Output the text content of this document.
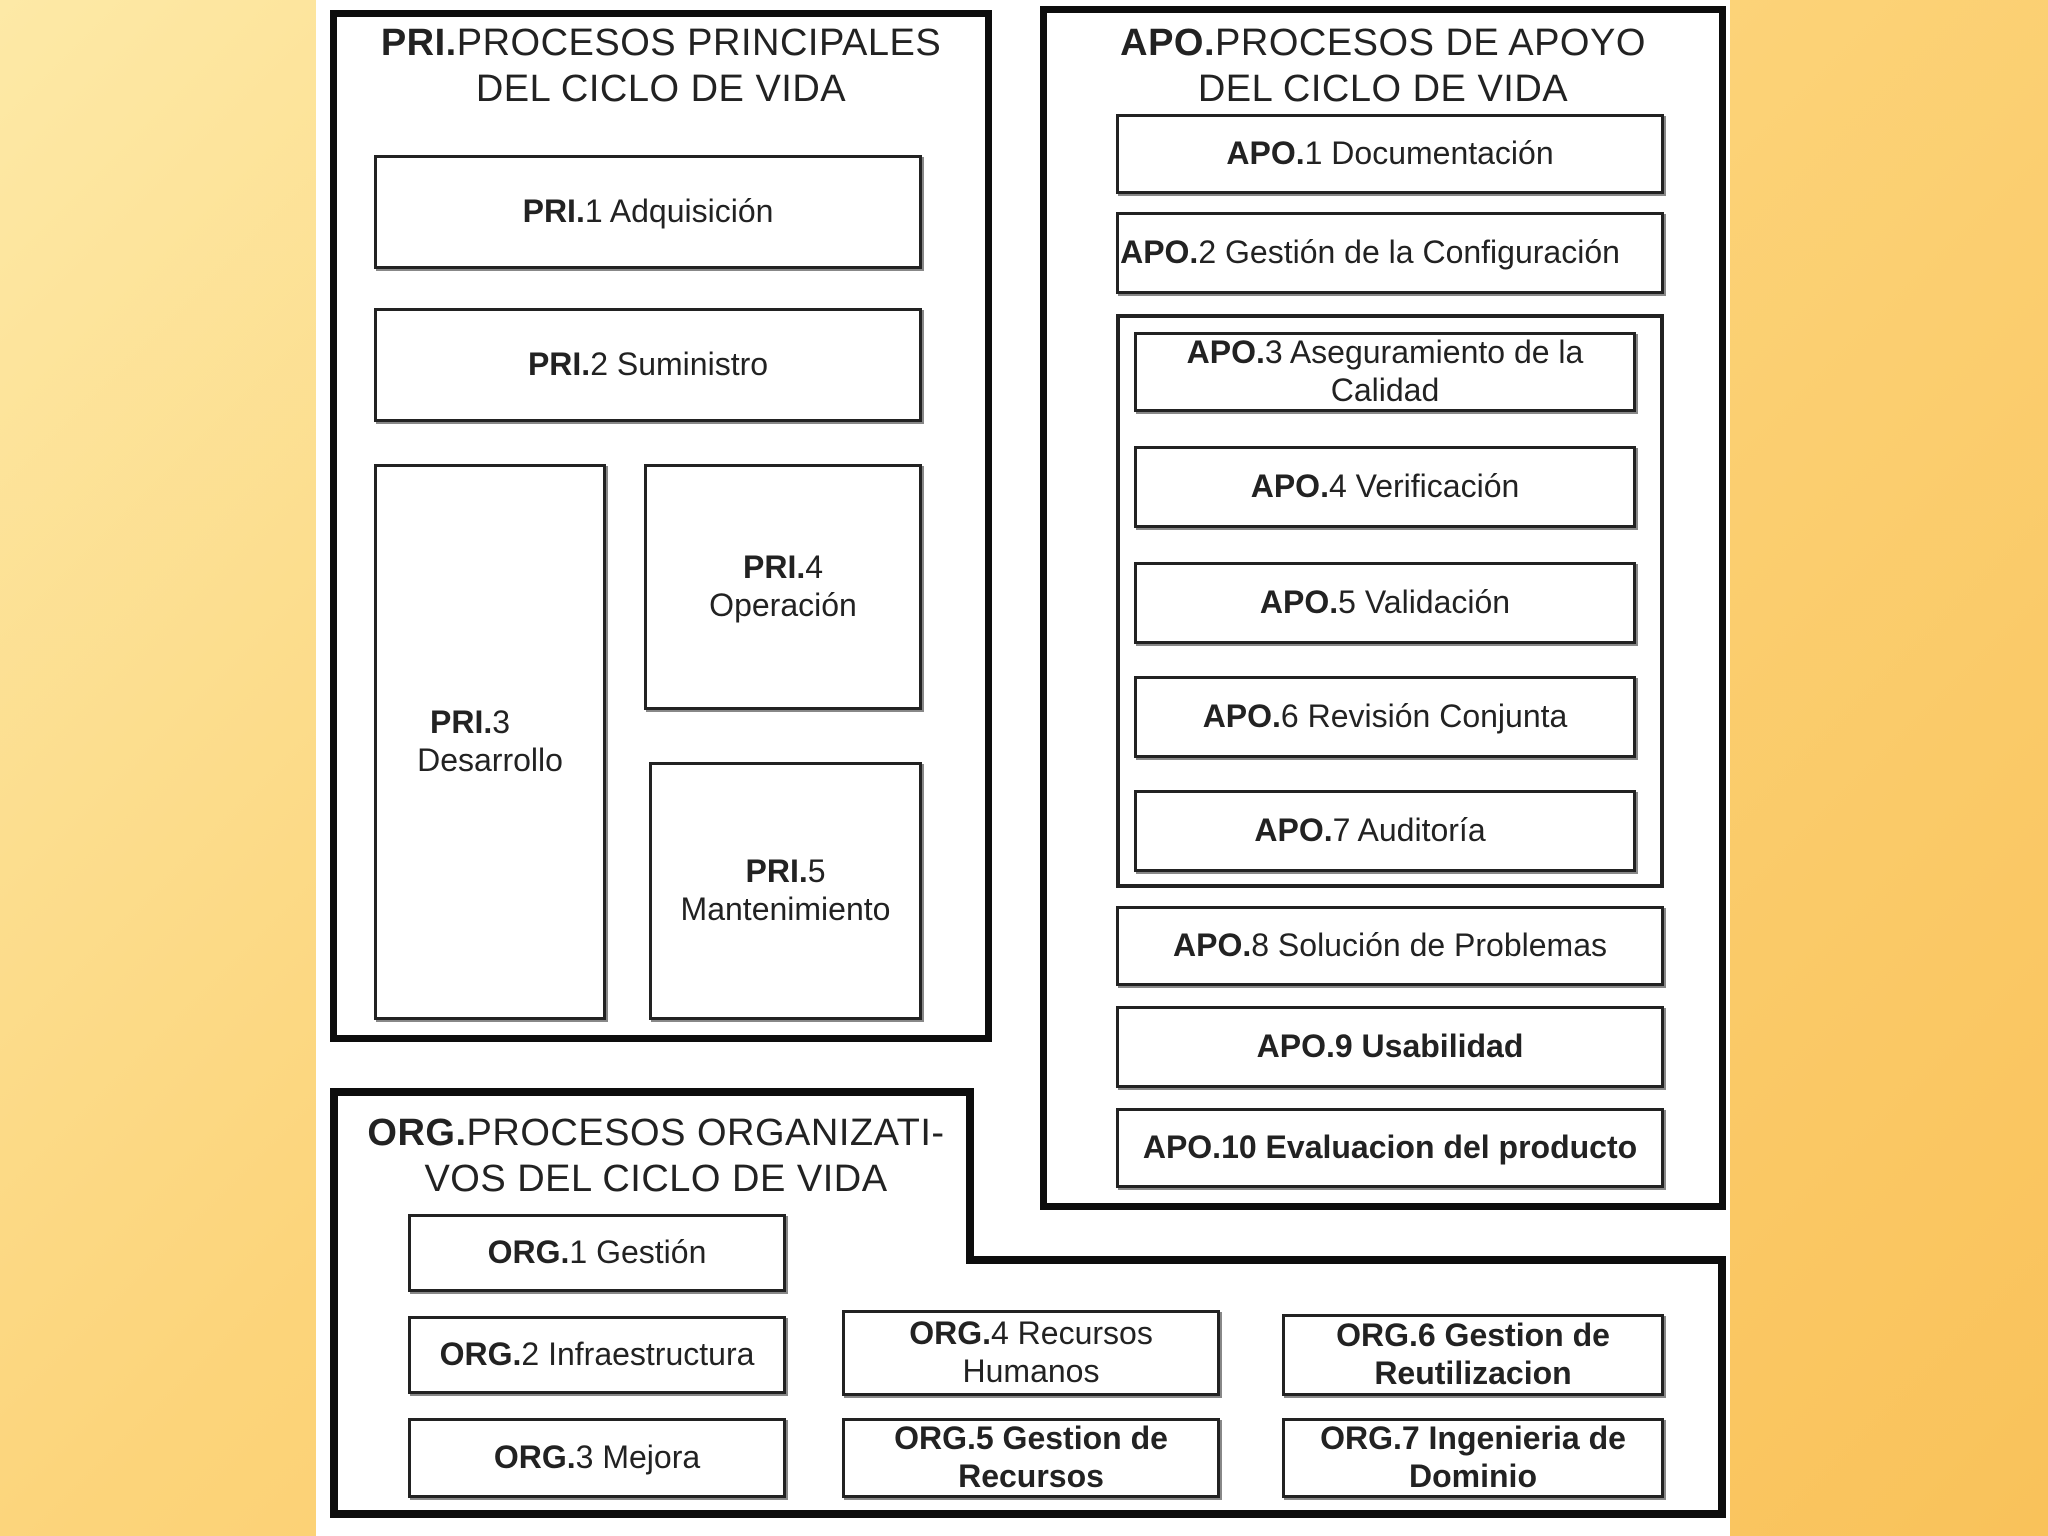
PRI.PROCESOS PRINCIPALES
DEL CICLO DE VIDA
PRI.1 Adquisición
PRI.2 Suministro
PRI.3
Desarrollo
PRI.4
Operación
PRI.5
Mantenimiento
APO.PROCESOS DE APOYO
DEL CICLO DE VIDA
APO.1 Documentación
APO.2 Gestión de la Configuración
APO.3 Aseguramiento de la
Calidad
APO.4 Verificación
APO.5 Validación
APO.6 Revisión Conjunta
APO.7 Auditoría
APO.8 Solución de Problemas
APO.9 Usabilidad
APO.10 Evaluacion del producto
ORG.PROCESOS ORGANIZATI-
VOS DEL CICLO DE VIDA
ORG.1 Gestión
ORG.2 Infraestructura
ORG.3 Mejora
ORG.4 Recursos
Humanos
ORG.5 Gestion de
Recursos
ORG.6 Gestion de
Reutilizacion
ORG.7 Ingenieria de
Dominio
